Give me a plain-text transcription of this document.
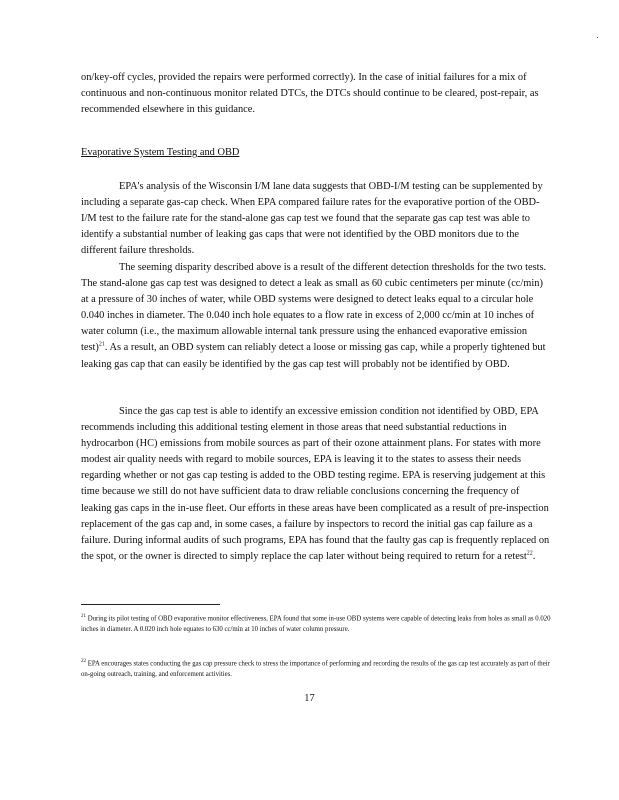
on/key-off cycles, provided the repairs were performed correctly). In the case of initial failures for a mix of continuous and non-continuous monitor related DTCs, the DTCs should continue to be cleared, post-repair, as recommended elsewhere in this guidance.

Evaporative System Testing and OBD

EPA's analysis of the Wisconsin I/M lane data suggests that OBD-I/M testing can be supplemented by including a separate gas-cap check. When EPA compared failure rates for the evaporative portion of the OBD-I/M test to the failure rate for the stand-alone gas cap test we found that the separate gas cap test was able to identify a substantial number of leaking gas caps that were not identified by the OBD monitors due to the different failure thresholds.

The seeming disparity described above is a result of the different detection thresholds for the two tests. The stand-alone gas cap test was designed to detect a leak as small as 60 cubic centimeters per minute (cc/min) at a pressure of 30 inches of water, while OBD systems were designed to detect leaks equal to a circular hole 0.040 inches in diameter. The 0.040 inch hole equates to a flow rate in excess of 2,000 cc/min at 10 inches of water column (i.e., the maximum allowable internal tank pressure using the enhanced evaporative emission test)$^{21}$. As a result, an OBD system can reliably detect a loose or missing gas cap, while a properly tightened but leaking gas cap that can easily be identified by the gas cap test will probably not be identified by OBD.

Since the gas cap test is able to identify an excessive emission condition not identified by OBD, EPA recommends including this additional testing element in those areas that need substantial reductions in hydrocarbon (HC) emissions from mobile sources as part of their ozone attainment plans. For states with more modest air quality needs with regard to mobile sources, EPA is leaving it to the states to assess their needs regarding whether or not gas cap testing is added to the OBD testing regime. EPA is reserving judgement at this time because we still do not have sufficient data to draw reliable conclusions concerning the frequency of leaking gas caps in the in-use fleet. Our efforts in these areas have been complicated as a result of pre-inspection replacement of the gas cap and, in some cases, a failure by inspectors to record the initial gas cap failure as a failure. During informal audits of such programs, EPA has found that the faulty gas cap is frequently replaced on the spot, or the owner is directed to simply replace the cap later without being required to return for a retest$^{22}$.

$^{21}$ During its pilot testing of OBD evaporative monitor effectiveness, EPA found that some in-use OBD systems were capable of detecting leaks from holes as small as 0.020 inches in diameter. A 0.020 inch hole equates to 630 cc/min at 10 inches of water column pressure.

$^{22}$ EPA encourages states conducting the gas cap pressure check to stress the importance of performing and recording the results of the gas cap test accurately as part of their on-going outreach, training, and enforcement activities.

17
